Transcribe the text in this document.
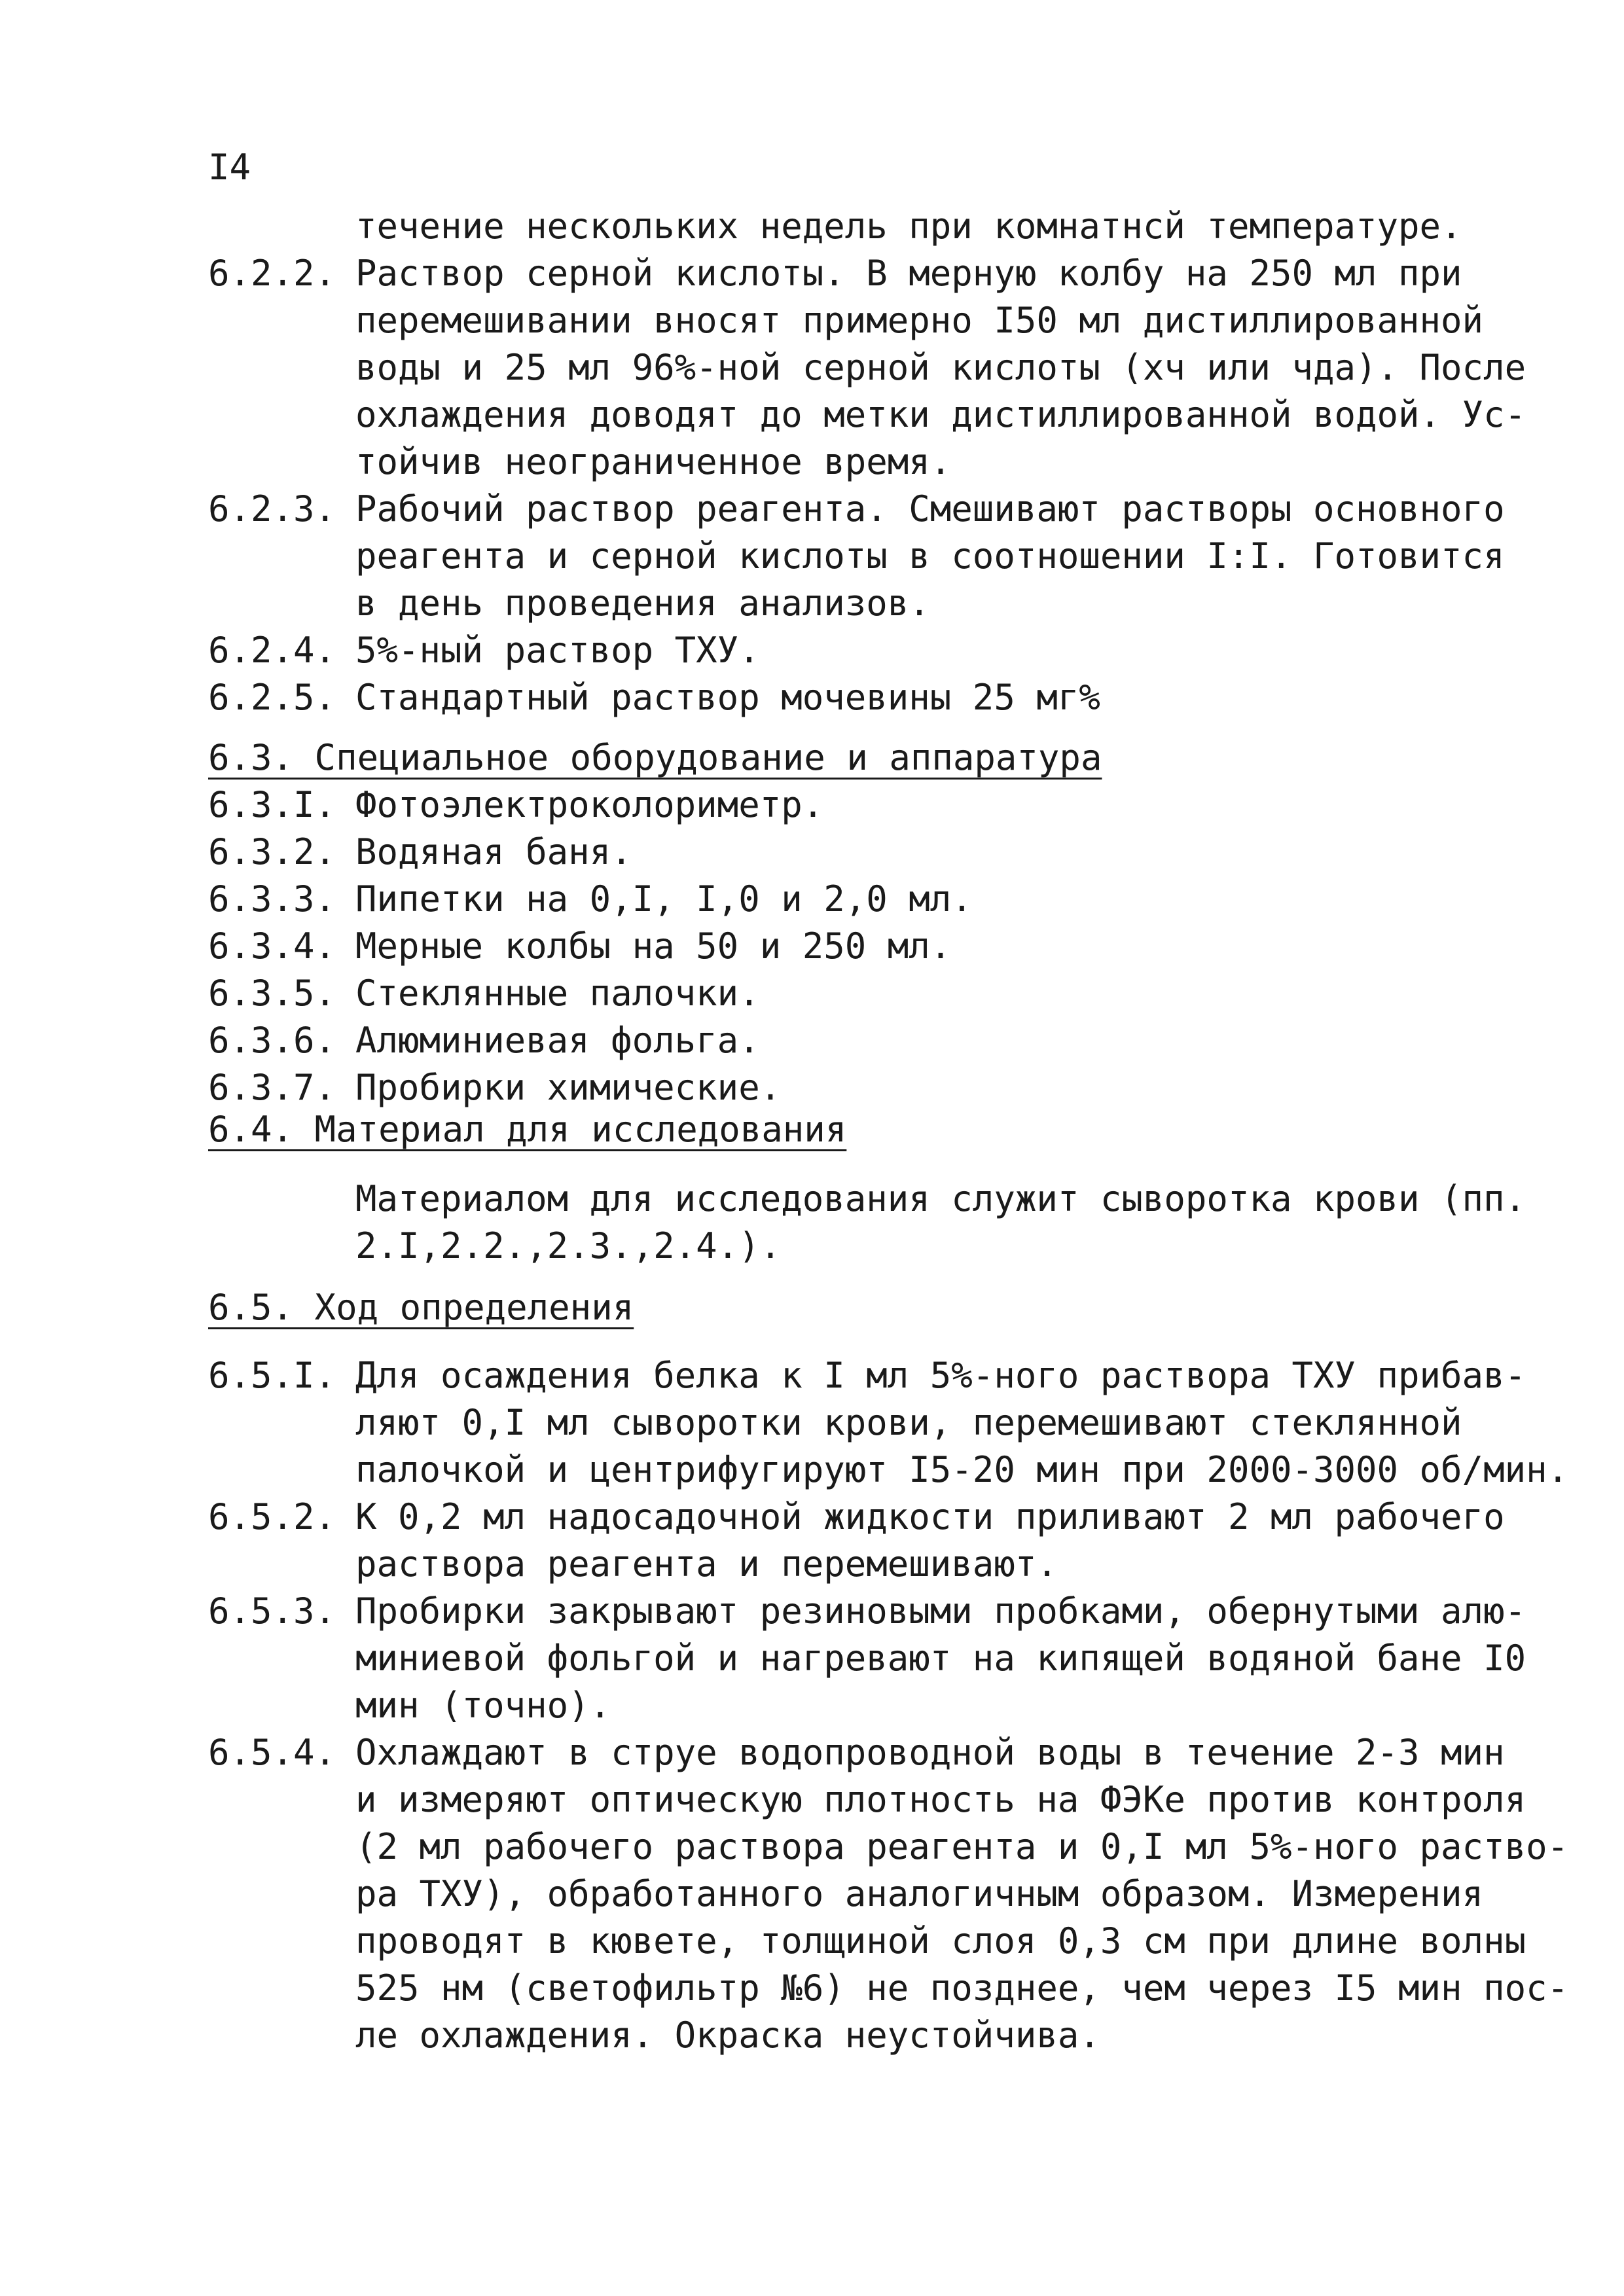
I4
течение нескольких недель при комнатнсй температуре.
6.2.2. Раствор серной кислоты. В мерную колбу на 250 мл при
перемешивании вносят примерно I50 мл дистиллированной
воды и 25 мл 96%-ной серной кислоты (хч или чда). После
охлаждения доводят до метки дистиллированной водой. Ус-
тойчив неограниченное время.
6.2.3. Рабочий раствор реагента. Смешивают растворы основного
реагента и серной кислоты в соотношении I:I. Готовится
в день проведения анализов.
6.2.4. 5%-ный раствор ТХУ.
6.2.5. Стандартный раствор мочевины 25 мг%
6.3. Специальное оборудование и аппаратура
6.3.I. Фотоэлектроколориметр.
6.3.2. Водяная баня.
6.3.3. Пипетки на 0,I, I,0 и 2,0 мл.
6.3.4. Мерные колбы на 50 и 250 мл.
6.3.5. Стеклянные палочки.
6.3.6. Алюминиевая фольга.
6.3.7. Пробирки химические.
6.4. Материал для исследования
Материалом для исследования служит сыворотка крови (пп.
2.I,2.2.,2.3.,2.4.).
6.5. Ход определения
6.5.I. Для осаждения белка к I мл 5%-ного раствора ТХУ прибав-
ляют 0,I мл сыворотки крови, перемешивают стеклянной
палочкой и центрифугируют I5-20 мин при 2000-3000 об/мин.
6.5.2. К 0,2 мл надосадочной жидкости приливают 2 мл рабочего
раствора реагента и перемешивают.
6.5.3. Пробирки закрывают резиновыми пробками, обернутыми алю-
миниевой фольгой и нагревают на кипящей водяной бане I0
мин (точно).
6.5.4. Охлаждают в струе водопроводной воды в течение 2-3 мин
и измеряют оптическую плотность на ФЭКе против контроля
(2 мл рабочего раствора реагента и 0,I мл 5%-ного раство-
ра ТХУ), обработанного аналогичным образом. Измерения
проводят в кювете, толщиной слоя 0,3 см при длине волны
525 нм (светофильтр №6) не позднее, чем через I5 мин пос-
ле охлаждения. Окраска неустойчива.
